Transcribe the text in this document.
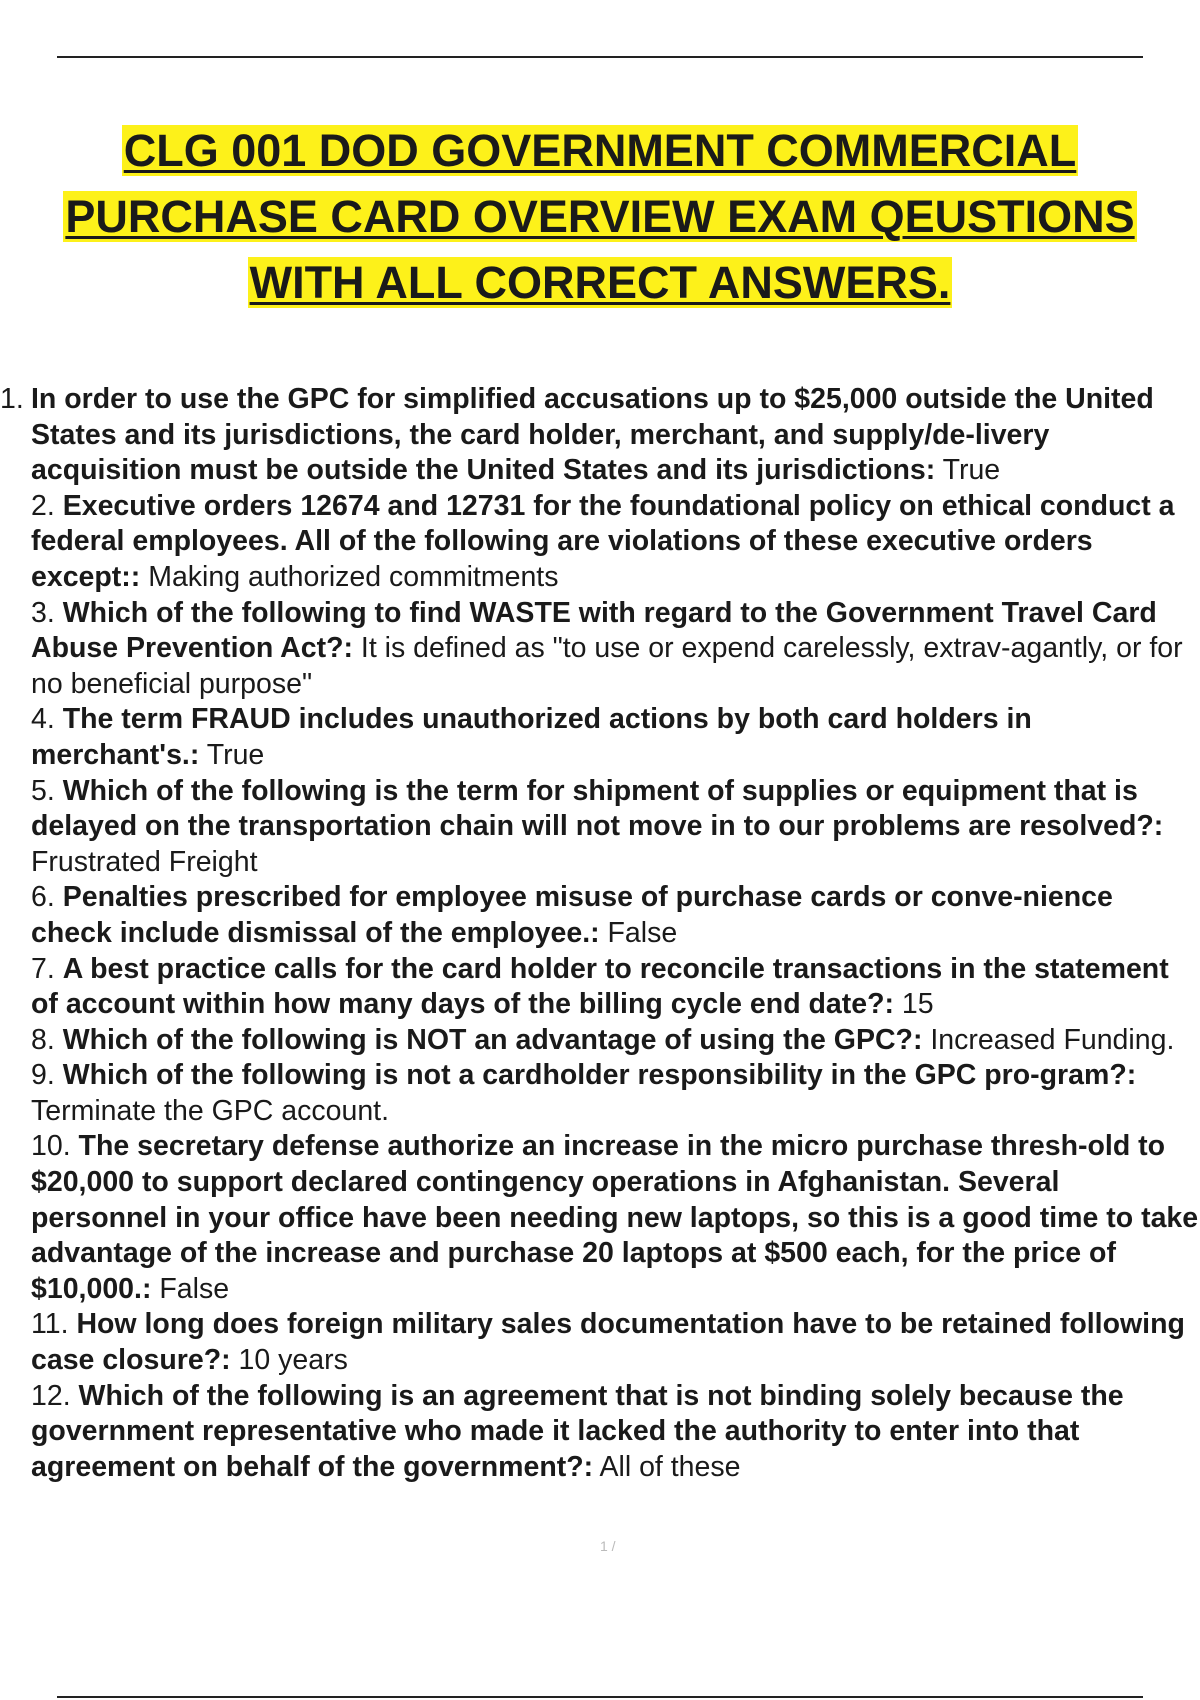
CLG 001 DOD GOVERNMENT COMMERCIAL
PURCHASE CARD OVERVIEW EXAM QEUSTIONS
WITH ALL CORRECT ANSWERS.
1. In order to use the GPC for simplified accusations up to $25,000 outside the United States and its jurisdictions, the card holder, merchant, and supply/de-livery acquisition must be outside the United States and its jurisdictions: True
2. Executive orders 12674 and 12731 for the foundational policy on ethical conduct a federal employees. All of the following are violations of these executive orders except:: Making authorized commitments
3. Which of the following to find WASTE with regard to the Government Travel Card Abuse Prevention Act?: It is defined as "to use or expend carelessly, extrav-agantly, or for no beneficial purpose"
4. The term FRAUD includes unauthorized actions by both card holders in merchant's.: True
5. Which of the following is the term for shipment of supplies or equipment that is delayed on the transportation chain will not move in to our problems are resolved?: Frustrated Freight
6. Penalties prescribed for employee misuse of purchase cards or conve-nience check include dismissal of the employee.: False
7. A best practice calls for the card holder to reconcile transactions in the statement of account within how many days of the billing cycle end date?: 15
8. Which of the following is NOT an advantage of using the GPC?: Increased Funding.
9. Which of the following is not a cardholder responsibility in the GPC pro-gram?: Terminate the GPC account.
10. The secretary defense authorize an increase in the micro purchase thresh-old to $20,000 to support declared contingency operations in Afghanistan. Several personnel in your office have been needing new laptops, so this is a good time to take advantage of the increase and purchase 20 laptops at $500 each, for the price of $10,000.: False
11. How long does foreign military sales documentation have to be retained following case closure?: 10 years
12. Which of the following is an agreement that is not binding solely because the government representative who made it lacked the authority to enter into that agreement on behalf of the government?: All of these
1 /
